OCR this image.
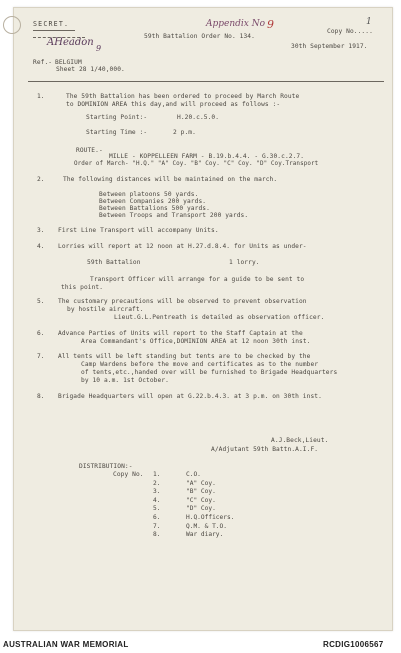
SECRET.	Appendix No 9
Copy No.....
1
59th Battalion Order No. 134.
30th September 1917.
AHeadon
9
Ref.- BELGIUM
Sheet 28 1/40,000.
1.	The 59th Battalion has been ordered to proceed by March Route
to DOMINION AREA this day,and will proceed as follows :-
Starting Point:-	H.20.c.5.0.
Starting Time :-	2 p.m.
ROUTE.-
MILLE - KOPPELLEEN FARM - B.19.b.4.4. - G.30.c.2.7.
Order of March- "H.Q." "A" Coy. "B" Coy. "C" Coy. "D" Coy.Transport
2.	The following distances will be maintained on the march.
Between platoons 50 yards.
Between Companies 200 yards.
Between Battalions 500 yards.
Between Troops and Transport 200 yards.
3. First Line Transport will accompany Units.
4. Lorries will report at 12 noon at H.27.d.8.4. for Units as under-
59th Battalion	1 lorry.
Transport Officer will arrange for a guide to be sent to
this point.
5. The customary precautions will be observed to prevent observation
by hostile aircraft.
Lieut.G.L.Pentreath is detailed as observation officer.
6. Advance Parties of Units will report to the Staff Captain at the
Area Commandant's Office,DOMINION AREA at 12 noon 30th inst.
7. All tents will be left standing but tents are to be checked by the
Camp Wardens before the move and certificates as to the number
of tents,etc.,handed over will be furnished to Brigade Headquarters
by 10 a.m. 1st October.
8. Brigade Headquarters will open at G.22.b.4.3. at 3 p.m. on 30th inst.
A.J.Beck,Lieut.
A/Adjutant 59th Battn.A.I.F.
DISTRIBUTION:-
Copy No. 1.	C.O.
2.	"A" Coy.
3.	"B" Coy.
4.	"C" Coy.
5.	"D" Coy.
6.	H.Q.Officers.
7.	Q.M. & T.O.
8.	War diary.
AUSTRALIAN WAR MEMORIAL	RCDIG1006567
